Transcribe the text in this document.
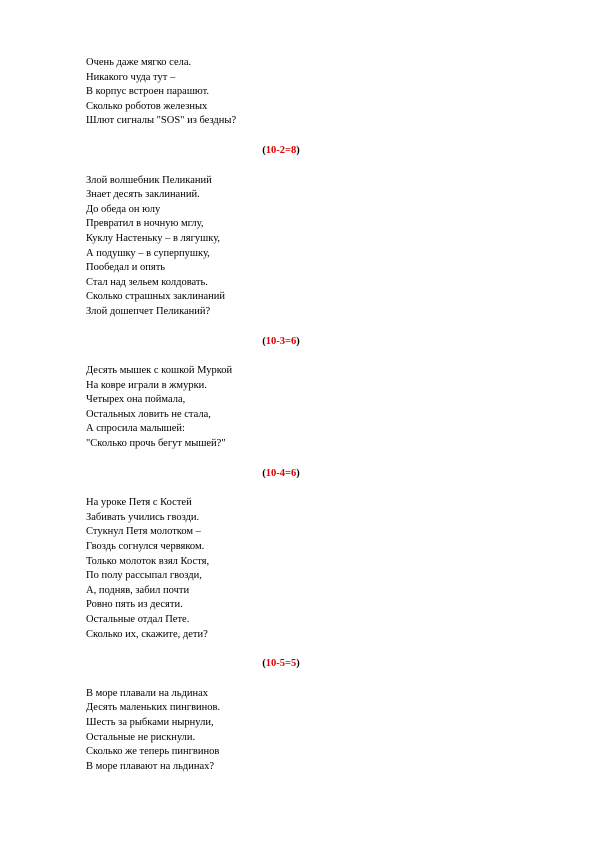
Очень даже мягко села.
Никакого чуда тут –
В корпус встроен парашют.
Сколько роботов железных
Шлют сигналы "SOS" из бездны?
(10-2=8)
Злой волшебник Пеликаний
Знает десять заклинаний.
До обеда он юлу
Превратил в ночную мглу,
Куклу Настеньку – в лягушку,
А подушку – в суперпушку,
Пообедал и опять
Стал над зельем колдовать.
Сколько страшных заклинаний
Злой дошепчет Пеликаний?
(10-3=6)
Десять мышек с кошкой Муркой
На ковре играли в жмурки.
Четырех она поймала,
Остальных ловить не стала,
А спросила малышей:
"Сколько прочь бегут мышей?"
(10-4=6)
На уроке Петя с Костей
Забивать учились гвозди.
Стукнул Петя молотком –
Гвоздь согнулся червяком.
Только молоток взял Костя,
По полу рассыпал гвозди,
А, подняв, забил почти
Ровно пять из десяти.
Остальные отдал Пете.
Сколько их, скажите, дети?
(10-5=5)
В море плавали на льдинах
Десять маленьких пингвинов.
Шесть за рыбками нырнули,
Остальные не рискнули.
Сколько же теперь пингвинов
В море плавают на льдинах?
